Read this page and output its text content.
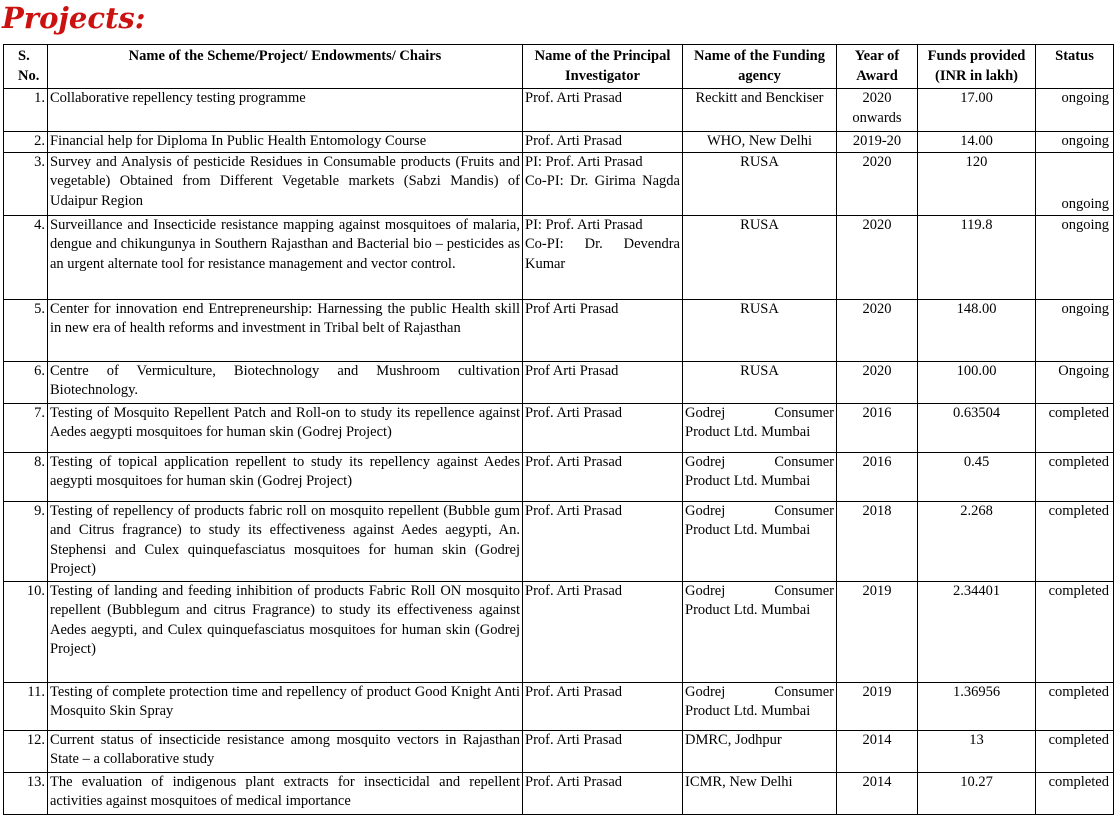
Projects:
S. No.	Name of the Scheme/Project/ Endowments/ Chairs	Name of the Principal Investigator	Name of the Funding agency	Year of Award	Funds provided (INR in lakh)	Status
1.	Collaborative repellency testing programme	Prof. Arti Prasad	Reckitt and Benckiser	2020 onwards	17.00	ongoing
2.	Financial help for Diploma In Public Health Entomology Course	Prof. Arti Prasad	WHO, New Delhi	2019-20	14.00	ongoing
3.	Survey and Analysis of pesticide Residues in Consumable products (Fruits and vegetable) Obtained from Different Vegetable markets (Sabzi Mandis) of Udaipur Region	PI: Prof. Arti Prasad
Co-PI: Dr. Girima Nagda	RUSA	2020	120	ongoing
4.	Surveillance and Insecticide resistance mapping against mosquitoes of malaria, dengue and chikungunya in Southern Rajasthan and Bacterial bio – pesticides as an urgent alternate tool for resistance management and vector control.	PI: Prof. Arti Prasad
Co-PI: Dr. Devendra Kumar	RUSA	2020	119.8	ongoing
5.	Center for innovation end Entrepreneurship: Harnessing the public Health skill in new era of health reforms and investment in Tribal belt of Rajasthan	Prof Arti Prasad	RUSA	2020	148.00	ongoing
6.	Centre of Vermiculture, Biotechnology and Mushroom cultivation Biotechnology.	Prof Arti Prasad	RUSA	2020	100.00	Ongoing
7.	Testing of Mosquito Repellent Patch and Roll-on to study its repellence against Aedes aegypti mosquitoes for human skin (Godrej Project)	Prof. Arti Prasad	Godrej Consumer Product Ltd. Mumbai	2016	0.63504	completed
8.	Testing of topical application repellent to study its repellency against Aedes aegypti mosquitoes for human skin (Godrej Project)	Prof. Arti Prasad	Godrej Consumer Product Ltd. Mumbai	2016	0.45	completed
9.	Testing of repellency of products fabric roll on mosquito repellent (Bubble gum and Citrus fragrance) to study its effectiveness against Aedes aegypti, An. Stephensi and Culex quinquefasciatus mosquitoes for human skin (Godrej Project)	Prof. Arti Prasad	Godrej Consumer Product Ltd. Mumbai	2018	2.268	completed
10.	Testing of landing and feeding inhibition of products Fabric Roll ON mosquito repellent (Bubblegum and citrus Fragrance) to study its effectiveness against Aedes aegypti, and Culex quinquefasciatus mosquitoes for human skin (Godrej Project)	Prof. Arti Prasad	Godrej Consumer Product Ltd. Mumbai	2019	2.34401	completed
11.	Testing of complete protection time and repellency of product Good Knight Anti Mosquito Skin Spray	Prof. Arti Prasad	Godrej Consumer Product Ltd. Mumbai	2019	1.36956	completed
12.	Current status of insecticide resistance among mosquito vectors in Rajasthan State – a collaborative study	Prof. Arti Prasad	DMRC, Jodhpur	2014	13	completed
13.	The evaluation of indigenous plant extracts for insecticidal and repellent activities against mosquitoes of medical importance	Prof. Arti Prasad	ICMR, New Delhi	2014	10.27	completed
